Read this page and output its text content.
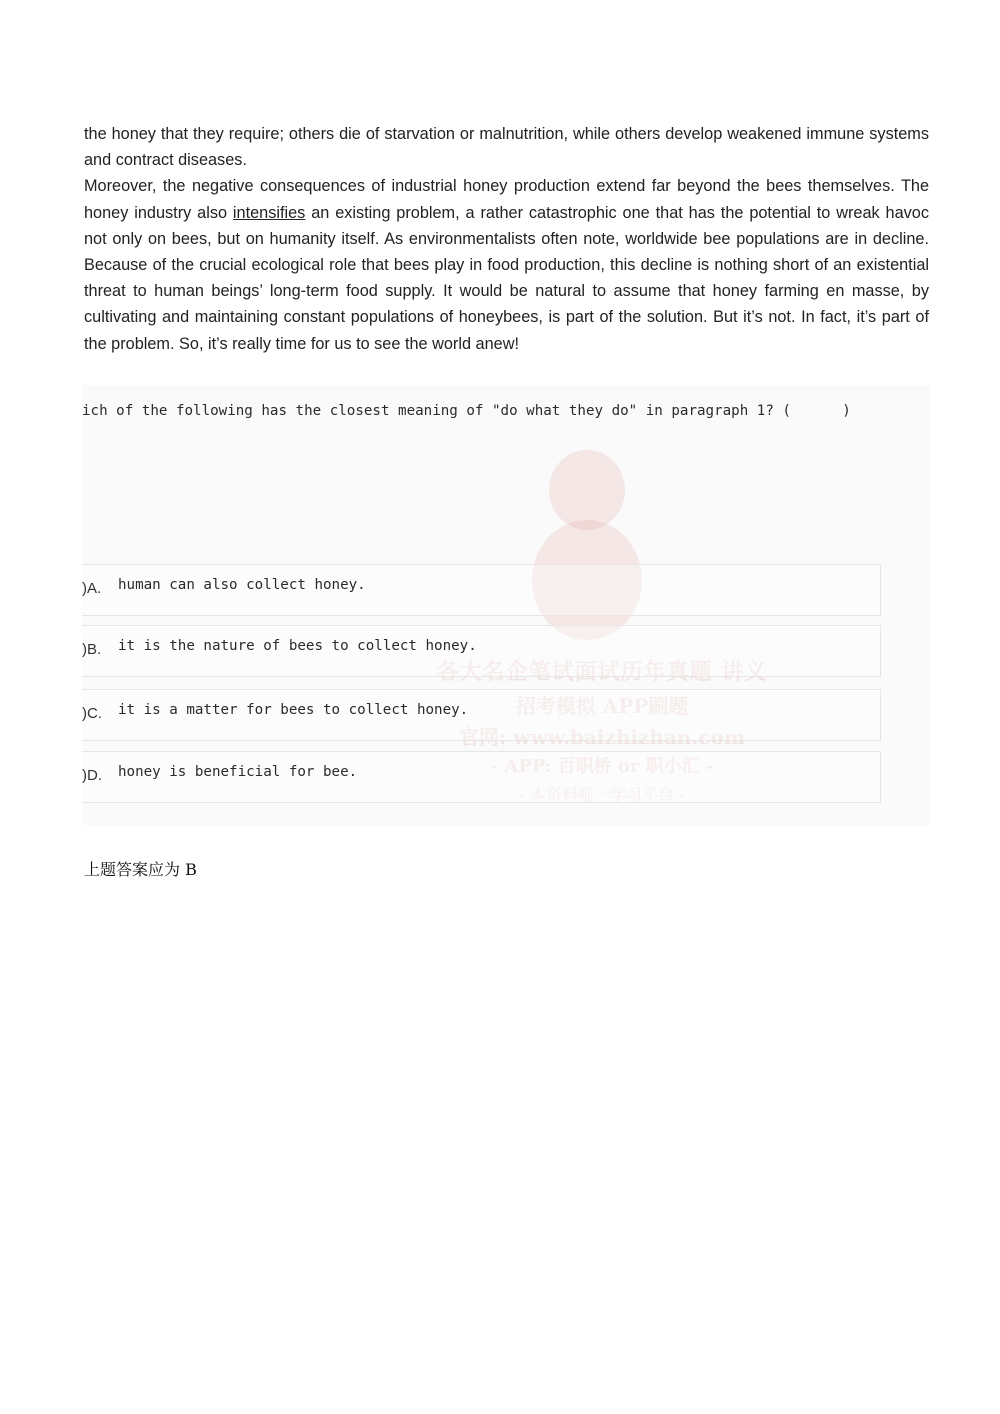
the honey that they require; others die of starvation or malnutrition, while others develop weakened immune systems and contract diseases.

Moreover, the negative consequences of industrial honey production extend far beyond the bees themselves. The honey industry also intensifies an existing problem, a rather catastrophic one that has the potential to wreak havoc not only on bees, but on humanity itself. As environmentalists often note, worldwide bee populations are in decline. Because of the crucial ecological role that bees play in food production, this decline is nothing short of an existential threat to human beings’ long-term food supply. It would be natural to assume that honey farming en masse, by cultivating and maintaining constant populations of honeybees, is part of the solution. But it’s not. In fact, it’s part of the problem. So, it’s really time for us to see the world anew!

各大名企笔试面试历年真题 讲义
招考模拟 APP刷题
官网: www.baizhizhan.com
- APP: 百职桥 or 职小汇 -
- 本资料唯一学习平台 -
ich of the following has the closest meaning of "do what they do" in paragraph 1? (      )
)A. human can also collect honey.
)B. it is the nature of bees to collect honey.
)C. it is a matter for bees to collect honey.
)D. honey is beneficial for bee.
上题答案应为 B
